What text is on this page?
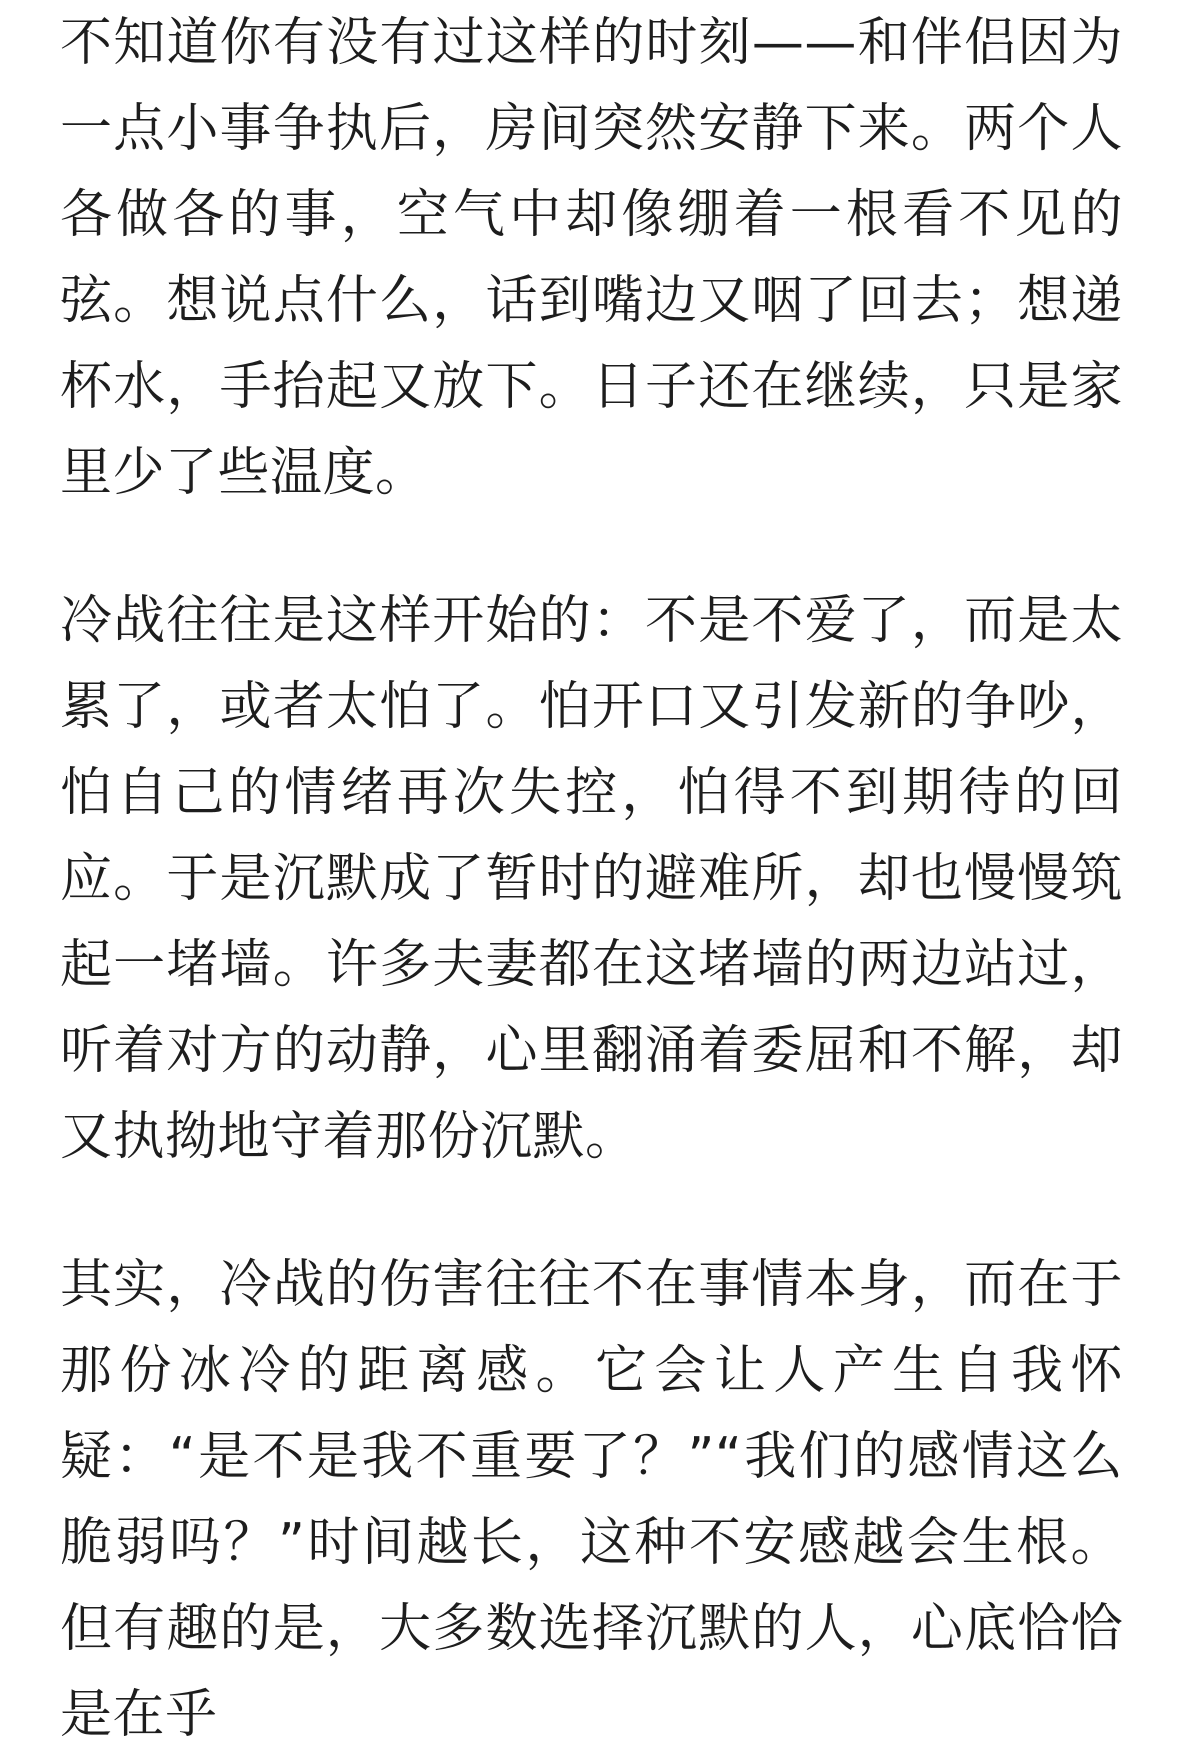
不知道你有没有过这样的时刻——和伴侣因为一点小事争执后，房间突然安静下来。两个人各做各的事，空气中却像绷着一根看不见的弦。想说点什么，话到嘴边又咽了回去；想递杯水，手抬起又放下。日子还在继续，只是家里少了些温度。

冷战往往是这样开始的：不是不爱了，而是太累了，或者太怕了。怕开口又引发新的争吵，怕自己的情绪再次失控，怕得不到期待的回应。于是沉默成了暂时的避难所，却也慢慢筑起一堵墙。许多夫妻都在这堵墙的两边站过，听着对方的动静，心里翻涌着委屈和不解，却又执拗地守着那份沉默。

其实，冷战的伤害往往不在事情本身，而在于那份冰冷的距离感。它会让人产生自我怀疑：“是不是我不重要了？”“我们的感情这么脆弱吗？”时间越长，这种不安感越会生根。但有趣的是，大多数选择沉默的人，心底恰恰是在乎
